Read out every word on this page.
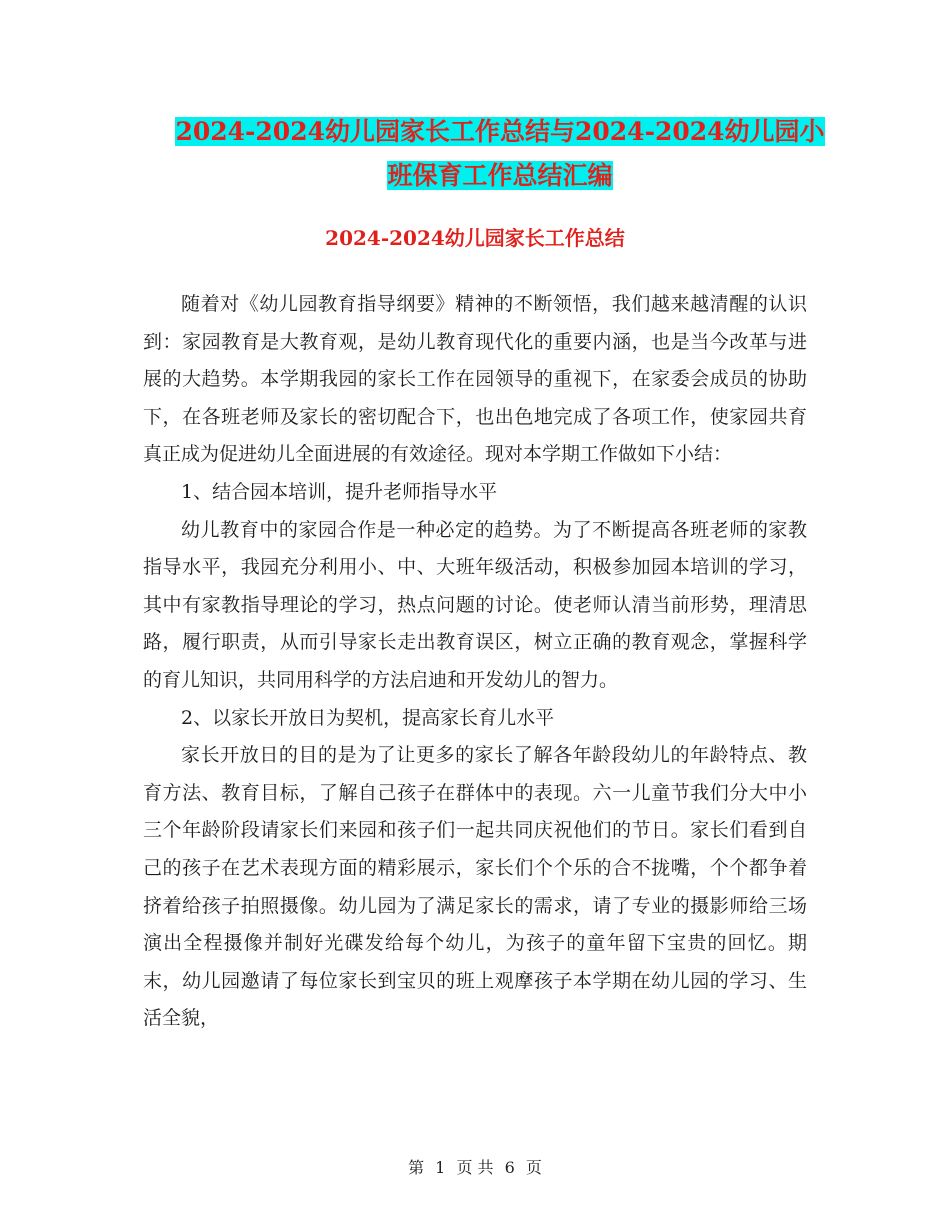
2024-2024幼儿园家长工作总结与2024-2024幼儿园小
班保育工作总结汇编
2024-2024幼儿园家长工作总结

随着对《幼儿园教育指导纲要》精神的不断领悟，我们越来越清醒的认识到：家园教育是大教育观，是幼儿教育现代化的重要内涵，也是当今改革与进展的大趋势。本学期我园的家长工作在园领导的重视下，在家委会成员的协助下，在各班老师及家长的密切配合下，也出色地完成了各项工作，使家园共育真正成为促进幼儿全面进展的有效途径。现对本学期工作做如下小结：

1、结合园本培训，提升老师指导水平

幼儿教育中的家园合作是一种必定的趋势。为了不断提高各班老师的家教指导水平，我园充分利用小、中、大班年级活动，积极参加园本培训的学习，其中有家教指导理论的学习，热点问题的讨论。使老师认清当前形势，理清思路，履行职责，从而引导家长走出教育误区，树立正确的教育观念，掌握科学的育儿知识，共同用科学的方法启迪和开发幼儿的智力。

2、以家长开放日为契机，提高家长育儿水平

家长开放日的目的是为了让更多的家长了解各年龄段幼儿的年龄特点、教育方法、教育目标，了解自己孩子在群体中的表现。六一儿童节我们分大中小三个年龄阶段请家长们来园和孩子们一起共同庆祝他们的节日。家长们看到自己的孩子在艺术表现方面的精彩展示，家长们个个乐的合不拢嘴，个个都争着挤着给孩子拍照摄像。幼儿园为了满足家长的需求，请了专业的摄影师给三场演出全程摄像并制好光碟发给每个幼儿，为孩子的童年留下宝贵的回忆。期末，幼儿园邀请了每位家长到宝贝的班上观摩孩子本学期在幼儿园的学习、生活全貌，

第 1 页 共 6 页
